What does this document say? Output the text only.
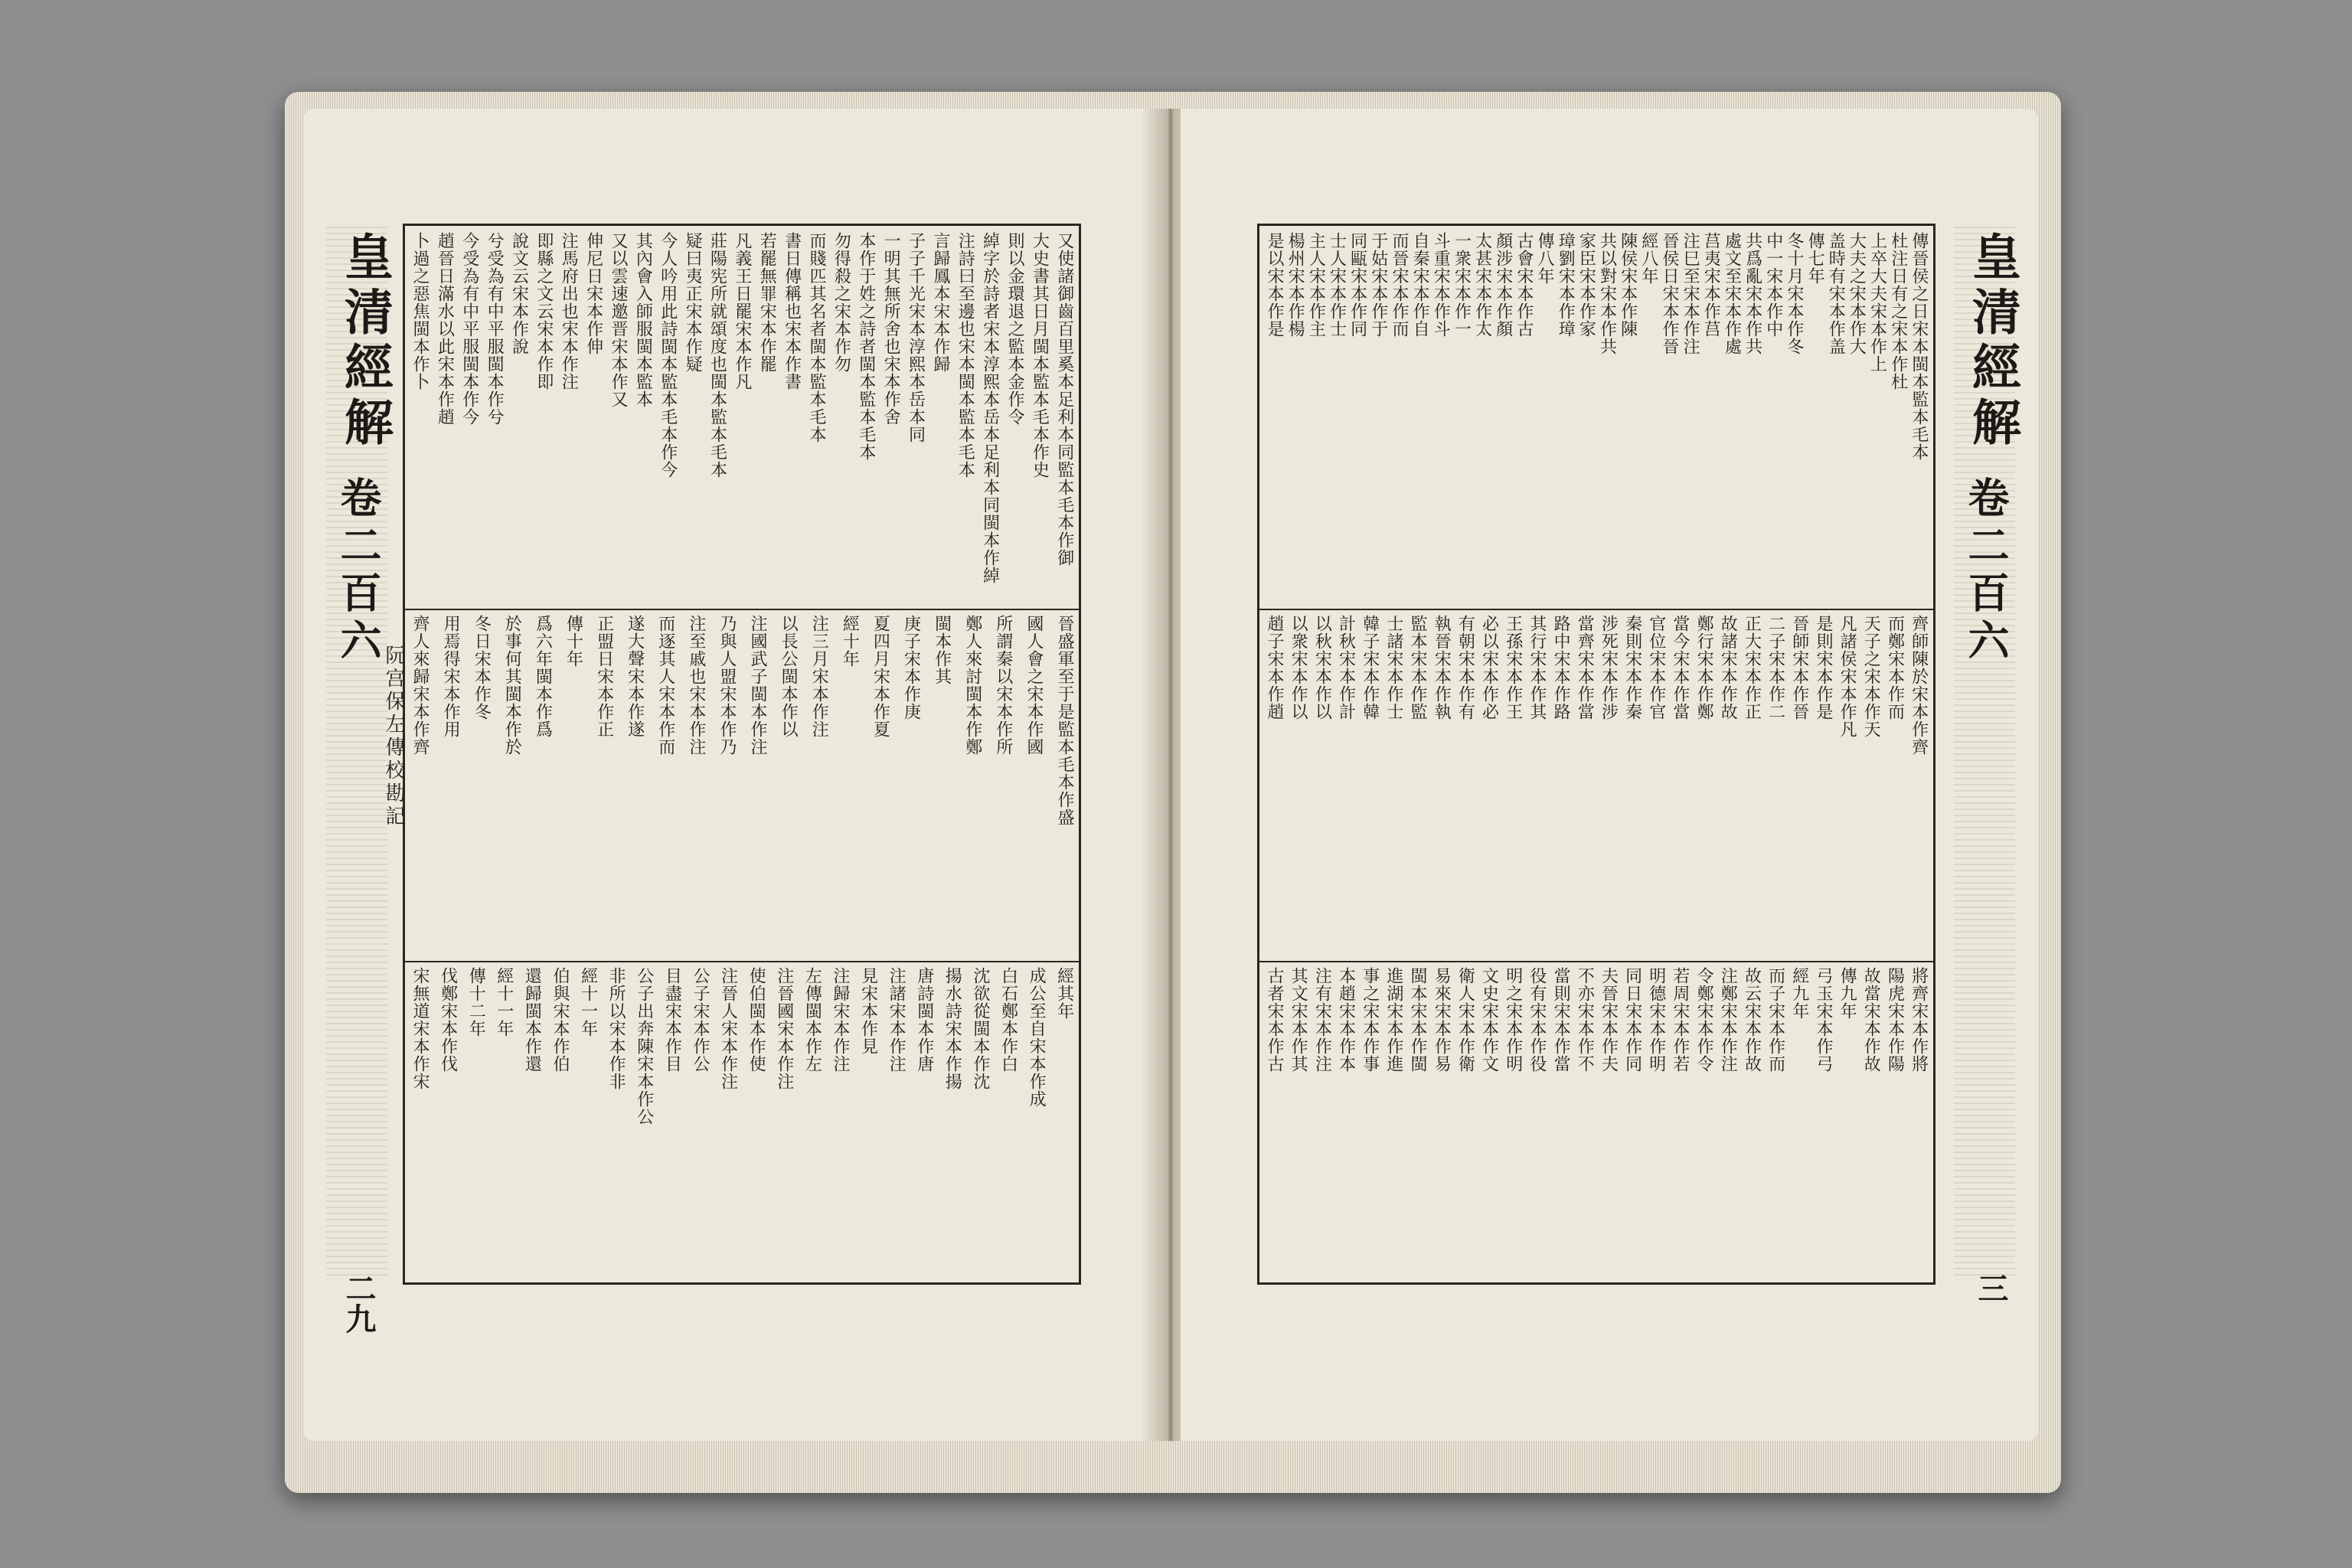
皇清經解
卷二百六
二九
又使諸御齒百里奚本足利本同監本毛本作御
大史書其日月閩本監本毛本作史
則以金環退之監本金作令
綽字於詩者宋本淳熙本岳本足利本同閩本作綽
注詩曰至邊也宋本閩本監本毛本
言歸鳳本宋本作歸
子子千光宋本淳熙本岳本同
一明其無所舍也宋本作舍
本作于姓之詩者閩本監本毛本
勿得殺之宋本作勿
而賤匹其名者閩本監本毛本
書日傳稱也宋本作書
若罷無罪宋本作罷
凡義王日罷宋本作凡
莊陽宪所就頌度也閩本監本毛本
疑曰夷正宋本作疑
今人吟用此詩閩本監本毛本作今
其內會入師服閩本監本
又以雲速邀晋宋本作又
伸尼日宋本作伸
注馬府出也宋本作注
即縣之文云宋本作即
說文云宋本作說
兮受為有中平服閩本作兮
今受為有中平服閩本作今
趙晉日滿水以此宋本作趙
卜過之惡焦閩本作卜
晉盛軍至于是監本毛本作盛
國人會之宋本作國
所謂秦以宋本作所
鄭人來討閩本作鄭
閩本作其
庚子宋本作庚
夏四月宋本作夏
經十年
注三月宋本作注
以長公閩本作以
注國武子閩本作注
乃與人盟宋本作乃
注至戚也宋本作注
而逐其人宋本作而
遂大聲宋本作遂
正盟日宋本作正
傳十年
爲六年閩本作爲
於事何其閩本作於
冬日宋本作冬
用焉得宋本作用
齊人來歸宋本作齊
經其年
成公至自宋本作成
白石鄭本作白
沈欲從閩本作沈
揚水詩宋本作揚
唐詩閩本作唐
注諸宋本作注
見宋本作見
注歸宋本作注
左傳閩本作左
注晉國宋本作注
使伯閩本作使
注晉人宋本作注
公子宋本作公
目盡宋本作目
公子出奔陳宋本作公
非所以宋本作非
經十一年
伯與宋本作伯
還歸閩本作還
經十一年
傳十二年
伐鄭宋本作伐
宋無道宋本作宋
阮宫保左傳校勘記
皇清經解
卷二百六
三
傳晉侯之日宋本閩本監本毛本
杜注日有之宋本作杜
上卒大夫宋本作上
大夫之宋本作大
盖時有宋本作盖
傳七年
冬十月宋本作冬
中一宋本作中
共爲亂宋本作共
處文至宋本作處
莒夷宋本作莒
注巳至宋本作注
晉侯日宋本作晉
經八年
陳侯宋本作陳
共以對宋本作共
家臣宋本作家
璋劉宋本作璋
傳八年
古會宋本作古
顏涉宋本作顏
太甚宋本作太
一衆宋本作一
斗重宋本作斗
自秦宋本作自
而晉宋本作而
于姑宋本作于
同甌宋本作同
士人宋本作士
主人宋本作主
楊州宋本作楊
是以宋本作是
齊師陳於宋本作齊
而鄭宋本作而
天子之宋本作天
凡諸侯宋本作凡
是則宋本作是
晉師宋本作晉
二子宋本作二
正大宋本作正
故諸宋本作故
鄭行宋本作鄭
當今宋本作當
官位宋本作官
秦則宋本作秦
涉死宋本作涉
當齊宋本作當
路中宋本作路
其行宋本作其
王孫宋本作王
必以宋本作必
有朝宋本作有
執晉宋本作執
監本宋本作監
士諸宋本作士
韓子宋本作韓
計秋宋本作計
以秋宋本作以
以衆宋本作以
趙子宋本作趙
將齊宋本作將
陽虎宋本作陽
故當宋本作故
傳九年
弓玉宋本作弓
經九年
而子宋本作而
故云宋本作故
注鄭宋本作注
令鄭宋本作令
若周宋本作若
明德宋本作明
同日宋本作同
夫晉宋本作夫
不亦宋本作不
當則宋本作當
役有宋本作役
明之宋本作明
文史宋本作文
衛人宋本作衛
易來宋本作易
閩本宋本作閩
進湖宋本作進
事之宋本作事
本趙宋本作本
注有宋本作注
其文宋本作其
古者宋本作古
